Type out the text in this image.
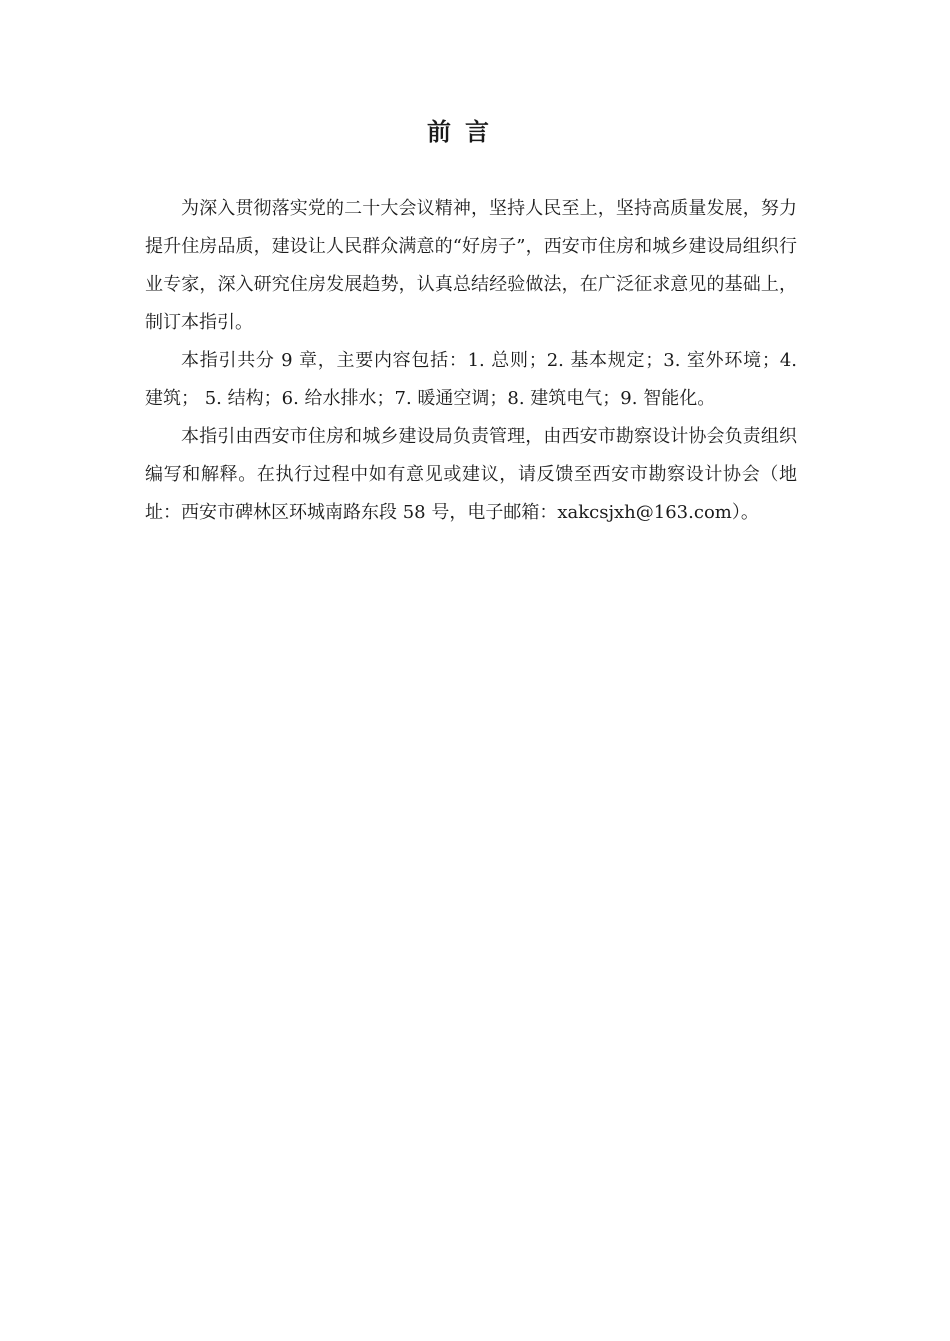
前言

为深入贯彻落实党的二十大会议精神，坚持人民至上，坚持高质量发展，努力提升住房品质，建设让人民群众满意的“好房子”，西安市住房和城乡建设局组织行业专家，深入研究住房发展趋势，认真总结经验做法，在广泛征求意见的基础上，制订本指引。

本指引共分 9 章，主要内容包括：1. 总则；2. 基本规定；3. 室外环境；4. 建筑； 5. 结构；6. 给水排水；7. 暖通空调；8. 建筑电气；9. 智能化。

本指引由西安市住房和城乡建设局负责管理，由西安市勘察设计协会负责组织编写和解释。在执行过程中如有意见或建议，请反馈至西安市勘察设计协会（地址：西安市碑林区环城南路东段 58 号，电子邮箱：xakcsjxh@163.com）。
